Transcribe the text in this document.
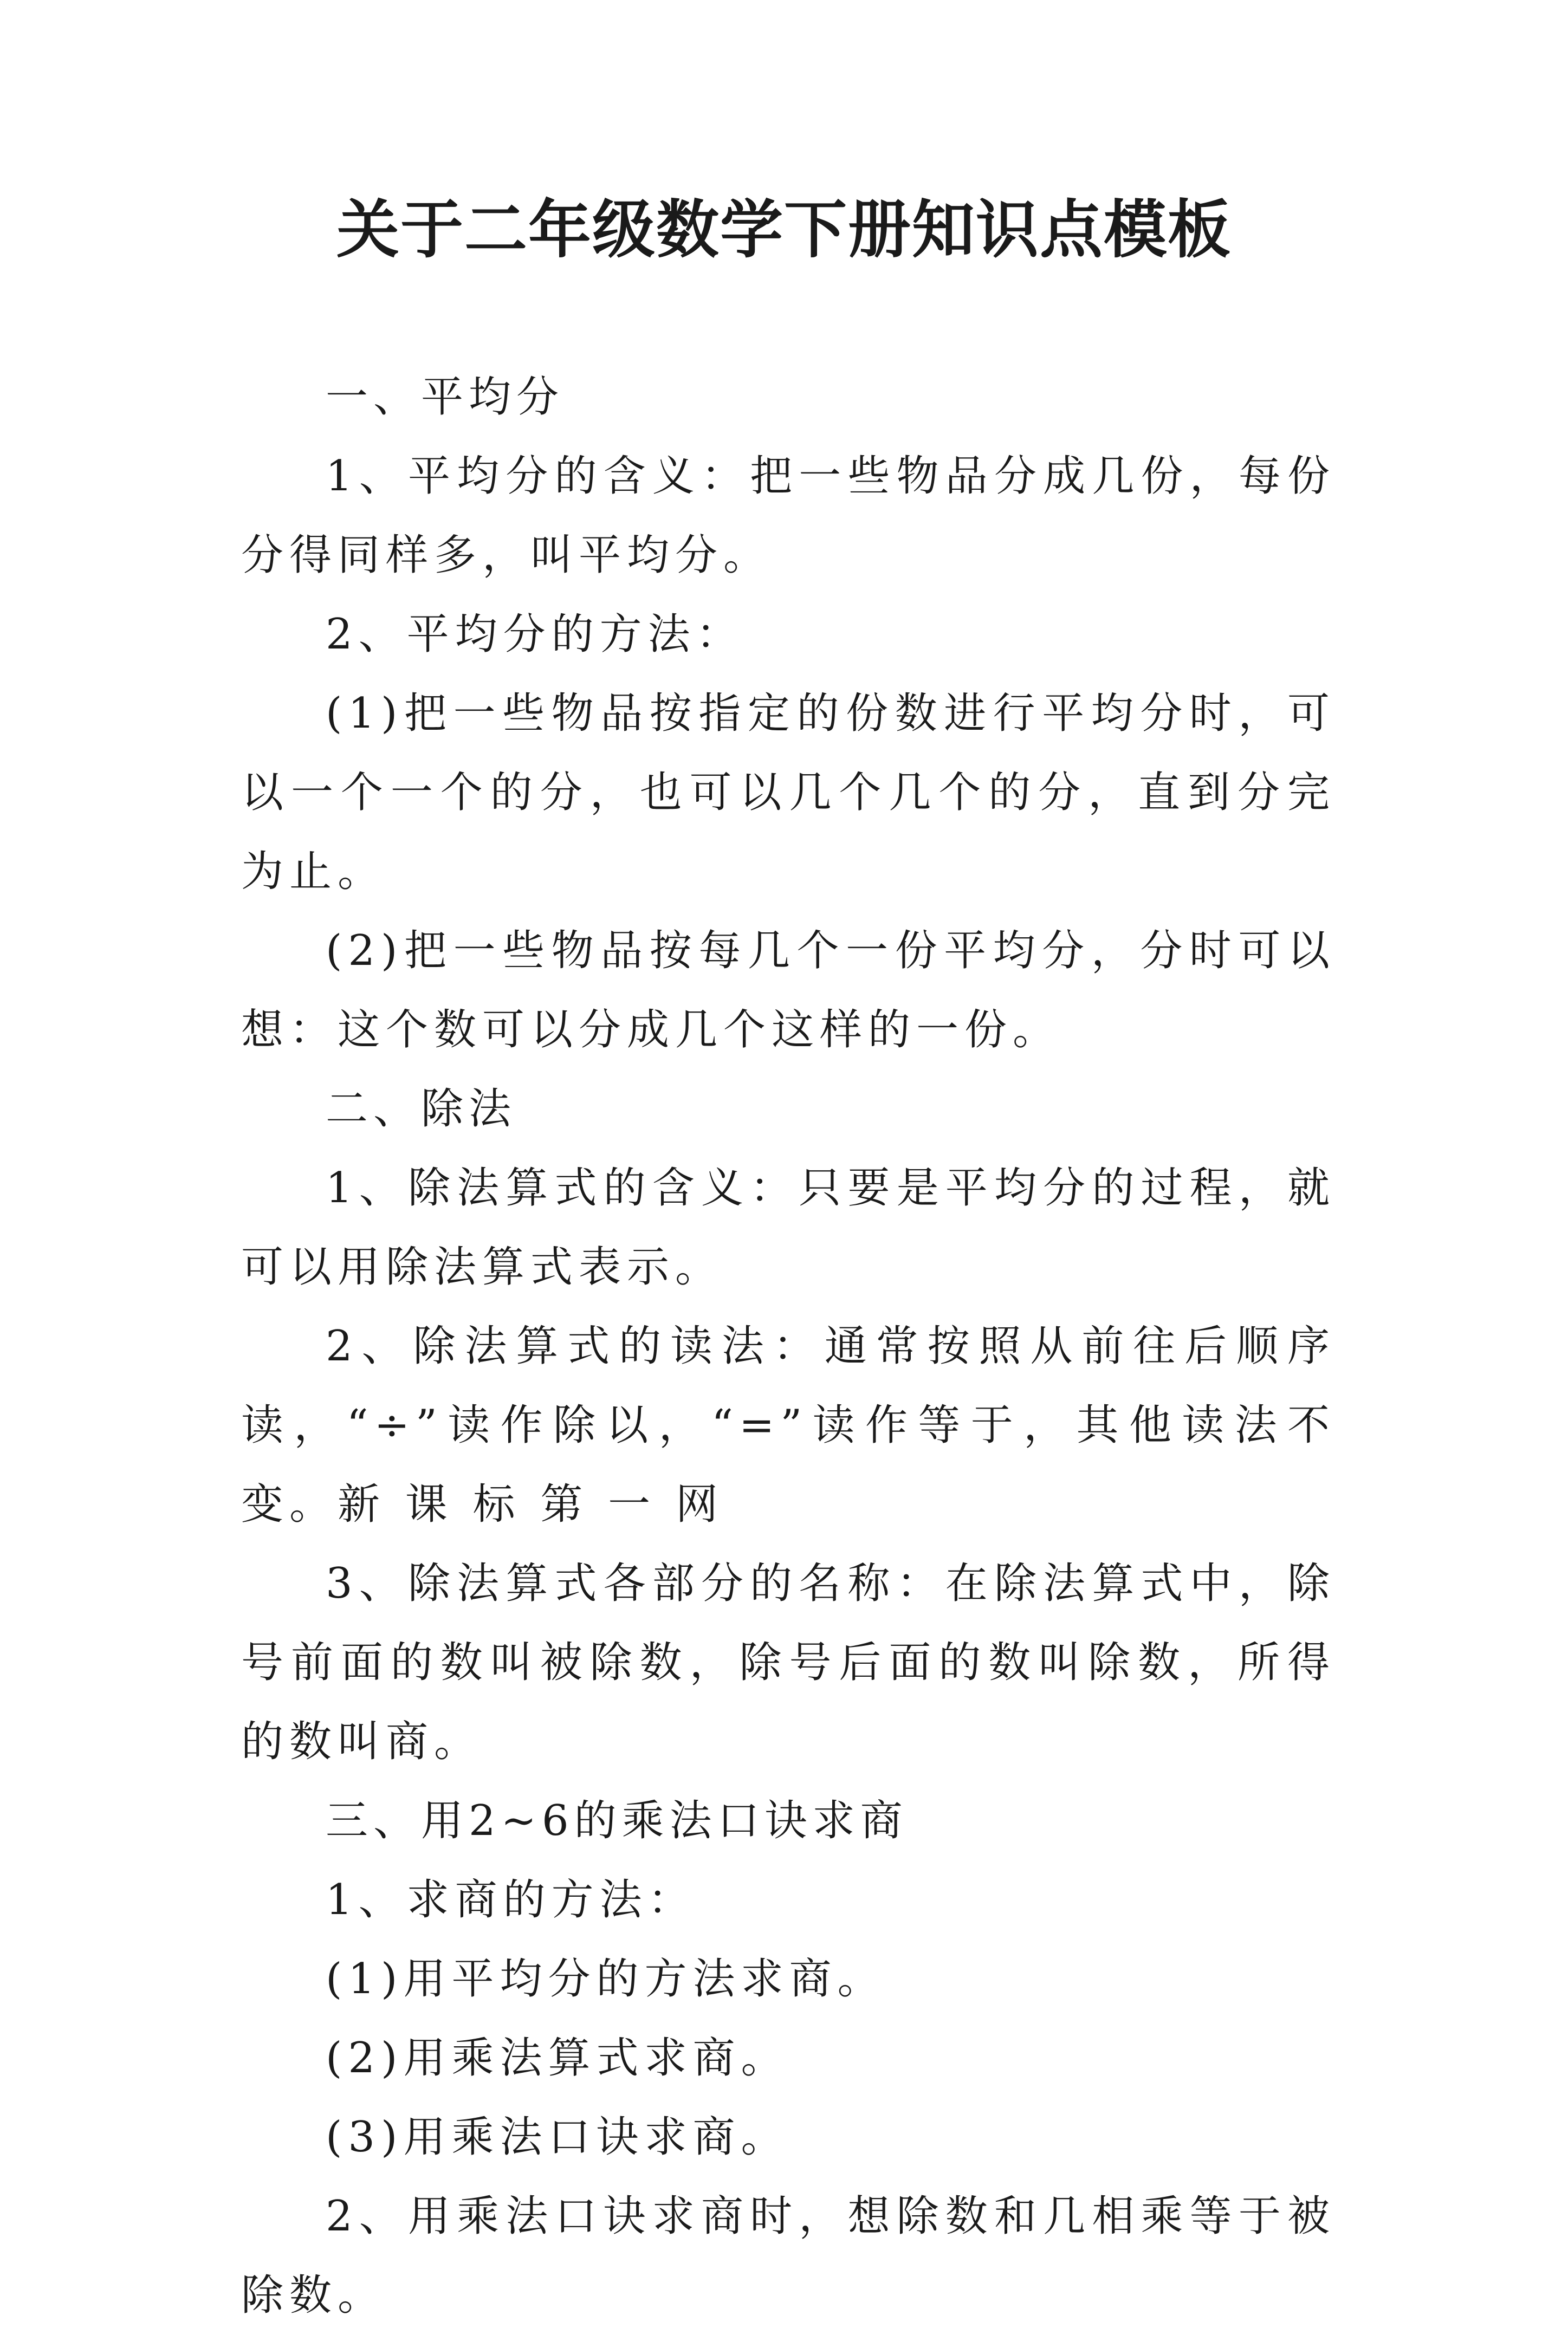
关于二年级数学下册知识点模板

一、平均分

1、平均分的含义：把一些物品分成几份，每份分得同样多，叫平均分。

2、平均分的方法：

(1)把一些物品按指定的份数进行平均分时，可以一个一个的分，也可以几个几个的分，直到分完为止。

(2)把一些物品按每几个一份平均分，分时可以想：这个数可以分成几个这样的一份。

二、除法

1、除法算式的含义：只要是平均分的过程，就可以用除法算式表示。

2、除法算式的读法：通常按照从前往后顺序读，“÷”读作除以，“=”读作等于，其他读法不变。新 课 标 第 一 网

3、除法算式各部分的名称：在除法算式中，除号前面的数叫被除数，除号后面的数叫除数，所得的数叫商。

三、用2~6的乘法口诀求商

1、求商的方法：

(1)用平均分的方法求商。

(2)用乘法算式求商。

(3)用乘法口诀求商。

2、用乘法口诀求商时，想除数和几相乘等于被除数。
